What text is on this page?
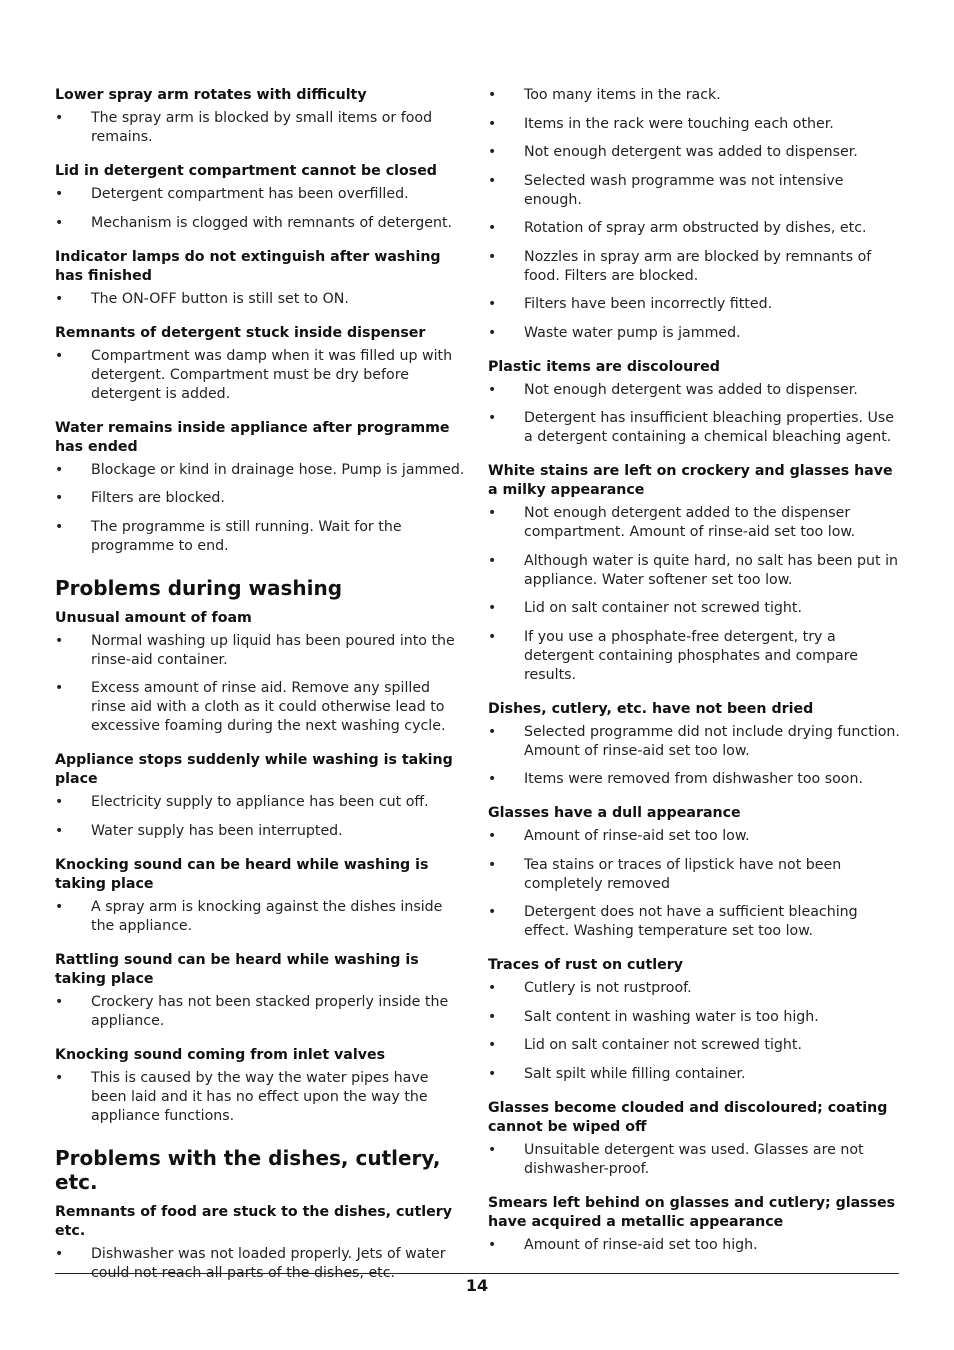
Lower spray arm rotates with difficulty
• The spray arm is blocked by small items or food remains.
Lid in detergent compartment cannot be closed
• Detergent compartment has been overfilled.
• Mechanism is clogged with remnants of detergent.
Indicator lamps do not extinguish after washing has finished
• The ON-OFF button is still set to ON.
Remnants of detergent stuck inside dispenser
• Compartment was damp when it was filled up with detergent. Compartment must be dry before detergent is added.
Water remains inside appliance after programme has ended
• Blockage or kind in drainage hose. Pump is jammed.
• Filters are blocked.
• The programme is still running. Wait for the programme to end.
Problems during washing
Unusual amount of foam
• Normal washing up liquid has been poured into the rinse-aid container.
• Excess amount of rinse aid. Remove any spilled rinse aid with a cloth as it could otherwise lead to excessive foaming during the next washing cycle.
Appliance stops suddenly while washing is taking place
• Electricity supply to appliance has been cut off.
• Water supply has been interrupted.
Knocking sound can be heard while washing is taking place
• A spray arm is knocking against the dishes inside the appliance.
Rattling sound can be heard while washing is taking place
• Crockery has not been stacked properly inside the appliance.
Knocking sound coming from inlet valves
• This is caused by the way the water pipes have been laid and it has no effect upon the way the appliance functions.
Problems with the dishes, cutlery, etc.
Remnants of food are stuck to the dishes, cutlery etc.
• Dishwasher was not loaded properly. Jets of water could not reach all parts of the dishes, etc.
• Too many items in the rack.
• Items in the rack were touching each other.
• Not enough detergent was added to dispenser.
• Selected wash programme was not intensive enough.
• Rotation of spray arm obstructed by dishes, etc.
• Nozzles in spray arm are blocked by remnants of food. Filters are blocked.
• Filters have been incorrectly fitted.
• Waste water pump is jammed.
Plastic items are discoloured
• Not enough detergent was added to dispenser.
• Detergent has insufficient bleaching properties. Use a detergent containing a chemical bleaching agent.
White stains are left on crockery and glasses have a milky appearance
• Not enough detergent added to the dispenser compartment. Amount of rinse-aid set too low.
• Although water is quite hard, no salt has been put in appliance. Water softener set too low.
• Lid on salt container not screwed tight.
• If you use a phosphate-free detergent, try a detergent containing phosphates and compare results.
Dishes, cutlery, etc. have not been dried
• Selected programme did not include drying function. Amount of rinse-aid set too low.
• Items were removed from dishwasher too soon.
Glasses have a dull appearance
• Amount of rinse-aid set too low.
• Tea stains or traces of lipstick have not been completely removed
• Detergent does not have a sufficient bleaching effect. Washing temperature set too low.
Traces of rust on cutlery
• Cutlery is not rustproof.
• Salt content in washing water is too high.
• Lid on salt container not screwed tight.
• Salt spilt while filling container.
Glasses become clouded and discoloured; coating cannot be wiped off
• Unsuitable detergent was used. Glasses are not dishwasher-proof.
Smears left behind on glasses and cutlery; glasses have acquired a metallic appearance
• Amount of rinse-aid set too high.
14
